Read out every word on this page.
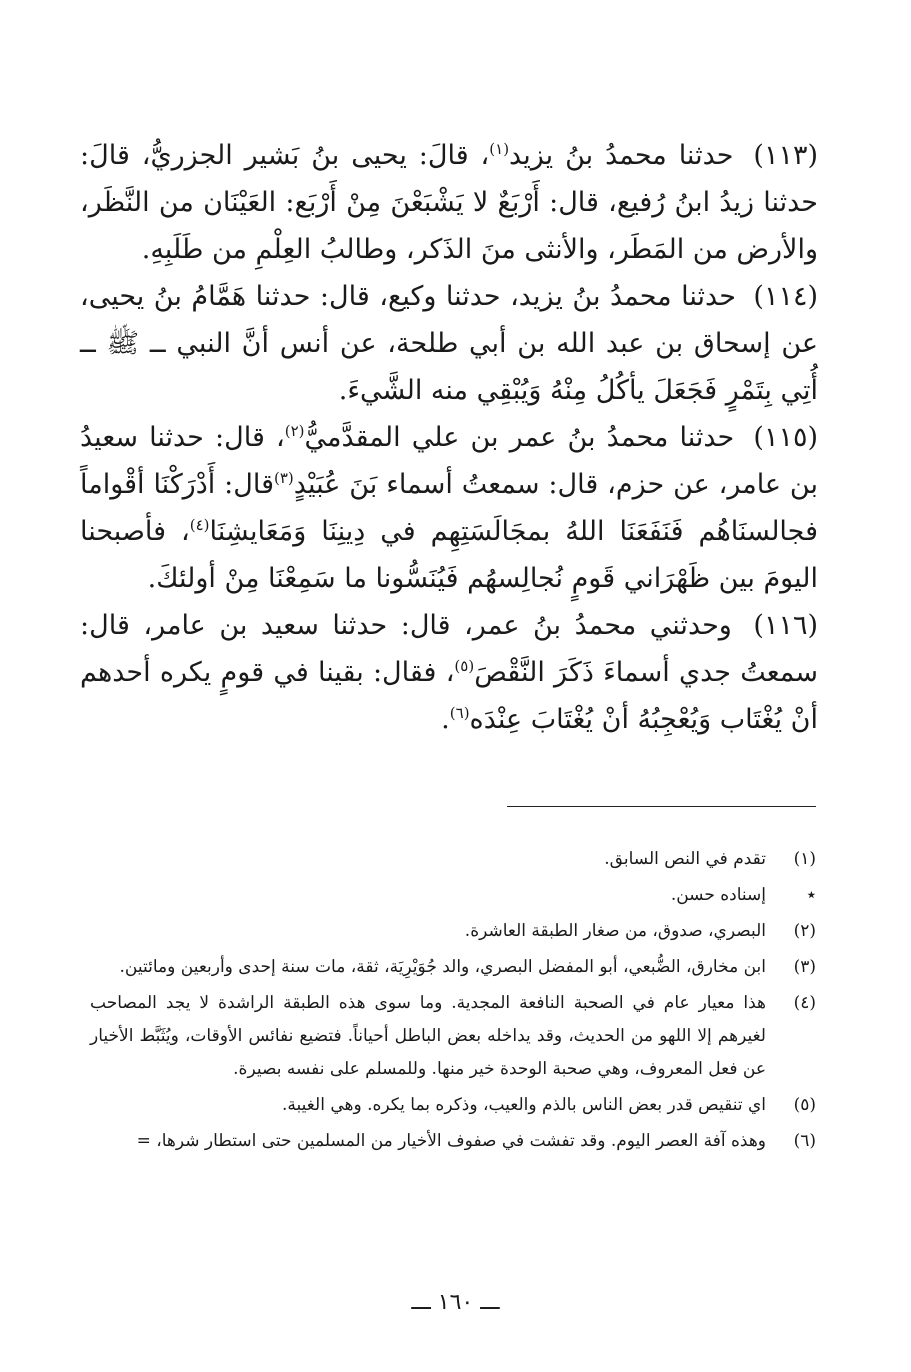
(١١٣) حدثنا محمدُ بنُ يزيد$^{(١)}$، قالَ: يحيى بنُ بَشير الجزريُّ، قالَ: حدثنا زيدُ ابنُ رُفيع، قال: أَرْبَعٌ لا يَشْبَعْنَ مِنْ أَرْبَع: العَيْنَان من النَّظَر، والأرض من المَطَر، والأنثى منَ الذَكر، وطالبُ العِلْمِ من طَلَبِهِ.

(١١٤) حدثنا محمدُ بنُ يزيد، حدثنا وكيع، قال: حدثنا هَمَّامُ بنُ يحيى، عن إسحاق بن عبد الله بن أبي طلحة، عن أنس أنَّ النبي ــ ﷺ ــ أُتِي بِتَمْرٍ فَجَعَلَ يأكُلُ مِنْهُ وَيُبْقِي منه الشَّيءَ.

(١١٥) حدثنا محمدُ بنُ عمر بن علي المقدَّميُّ$^{(٢)}$، قال: حدثنا سعيدُ بن عامر، عن حزم، قال: سمعتُ أسماء بَنَ عُبَيْدٍ$^{(٣)}$قال: أَدْرَكْنَا أقْواماً فجالسنَاهُم فَنَفَعَنَا اللهُ بمجَالَسَتِهِم في دِينِنَا وَمَعَايشِنَا$^{(٤)}$، فأصبحنا اليومَ بين ظَهْرَاني قَومٍ نُجالِسهُم فَيُنَسُّونا ما سَمِعْنَا مِنْ أولئكَ.

(١١٦) وحدثني محمدُ بنُ عمر، قال: حدثنا سعيد بن عامر، قال: سمعتُ جدي أسماءَ ذَكَرَ النَّقْصَ$^{(٥)}$، فقال: بقينا في قومٍ يكره أحدهم أنْ يُغْتَاب وَيُعْجِبُهُ أنْ يُغْتَابَ عِنْدَه$^{(٦)}$.

(١)
تقدم في النص السابق.
٭
إسناده حسن.
(٢)
البصري، صدوق، من صغار الطبقة العاشرة.
(٣)
ابن مخارق، الضُّبعي، أبو المفضل البصري، والد جُوَيْرِيَة، ثقة، مات سنة إحدى وأربعين ومائتين.
(٤)
هذا معيار عام في الصحبة النافعة المجدية. وما سوى هذه الطبقة الراشدة لا يجد المصاحب لغيرهم إلا اللهو من الحديث، وقد يداخله بعض الباطل أحياناً. فتضيع نفائس الأوقات، ويُثَبَّط الأخيار عن فعل المعروف، وهي صحبة الوحدة خير منها. وللمسلم على نفسه بصيرة.
(٥)
اي تنقيص قدر بعض الناس بالذم والعيب، وذكره بما يكره. وهي الغيبة.
(٦)
وهذه آفة العصر اليوم. وقد تفشت في صفوف الأخيار من المسلمين حتى استطار شرها، =
ـــ ١٦٠ ـــ
